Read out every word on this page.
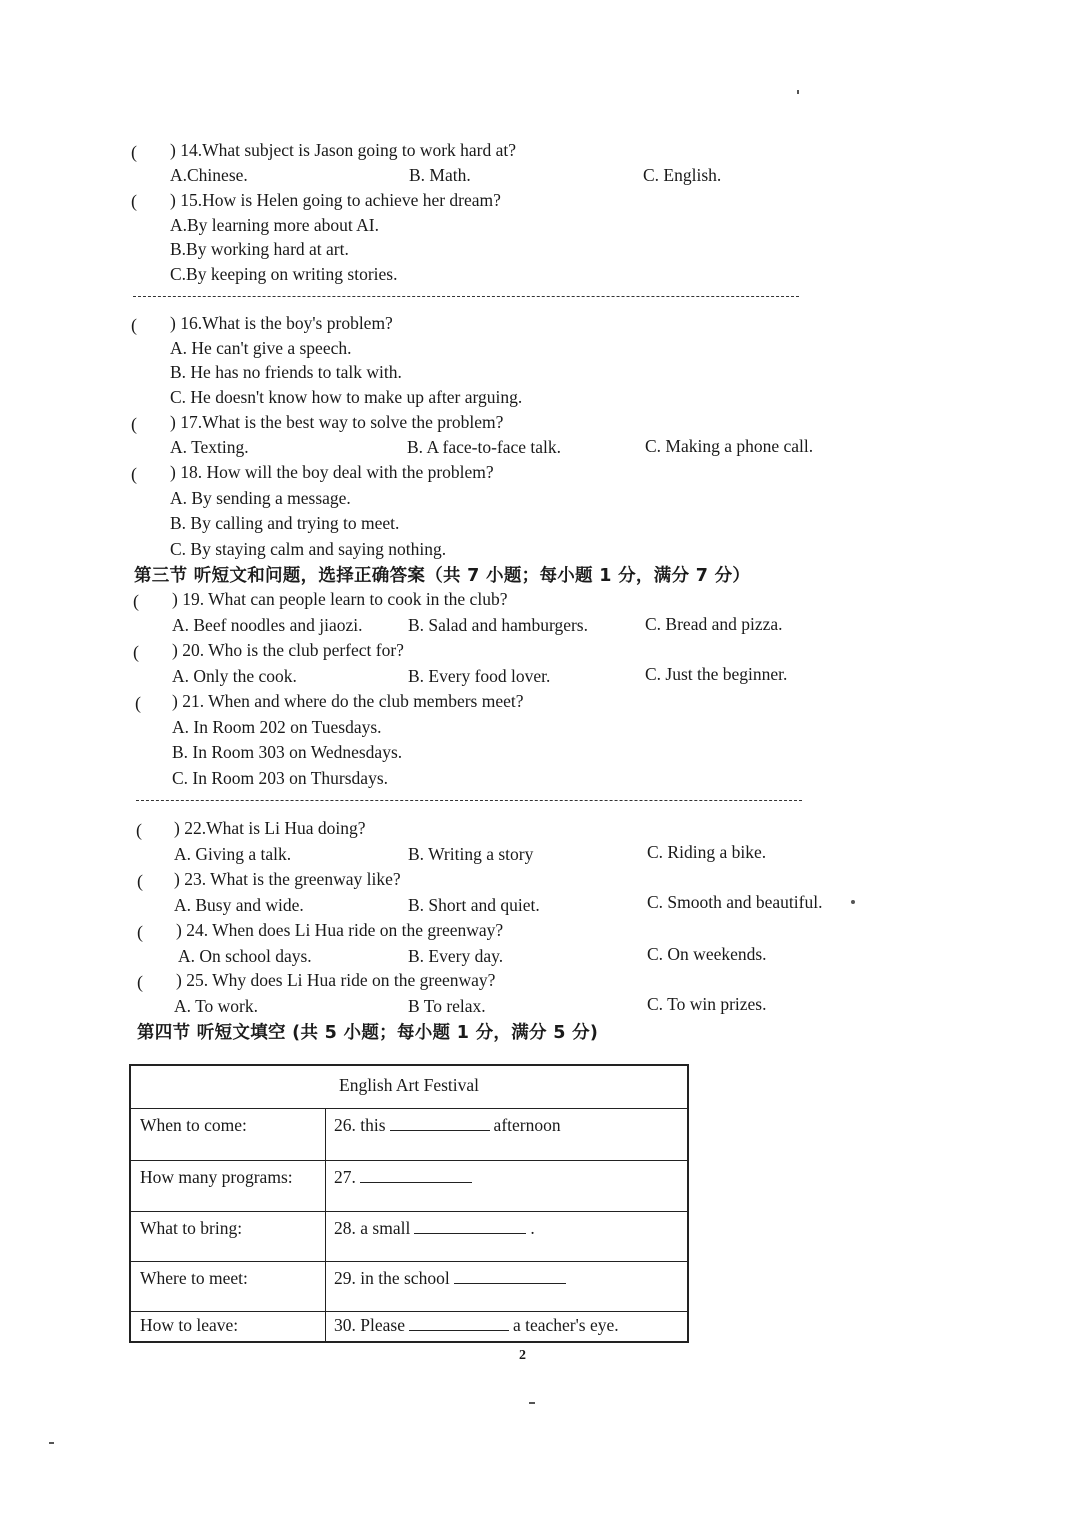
( ) 14.What subject is Jason going to work hard at?
A.Chinese.	B. Math.	C. English.
( ) 15.How is Helen going to achieve her dream?
A.By learning more about AI.
B.By working hard at art.
C.By keeping on writing stories.
( ) 16.What is the boy's problem?
A. He can't give a speech.
B. He has no friends to talk with.
C. He doesn't know how to make up after arguing.
( ) 17.What is the best way to solve the problem?
A. Texting.	B. A face-to-face talk.	C. Making a phone call.
( ) 18. How will the boy deal with the problem?
A. By sending a message.
B. By calling and trying to meet.
C. By staying calm and saying nothing.
第三节 听短文和问题，选择正确答案（共 7 小题；每小题 1 分，满分 7 分）
( ) 19. What can people learn to cook in the club?
A. Beef noodles and jiaozi.	B. Salad and hamburgers.	C. Bread and pizza.
( ) 20. Who is the club perfect for?
A. Only the cook.	B. Every food lover.	C. Just the beginner.
( ) 21. When and where do the club members meet?
A. In Room 202 on Tuesdays.
B. In Room 303 on Wednesdays.
C. In Room 203 on Thursdays.
( ) 22.What is Li Hua doing?
A. Giving a talk.	B. Writing a story	C. Riding a bike.
( ) 23. What is the greenway like?
A. Busy and wide.	B. Short and quiet.	C. Smooth and beautiful.
( ) 24. When does Li Hua ride on the greenway?
A. On school days.	B. Every day.	C. On weekends.
( ) 25. Why does Li Hua ride on the greenway?
A. To work.	B To relax.	C. To win prizes.
第四节 听短文填空 (共 5 小题；每小题 1 分，满分 5 分)
English Art Festival
When to come:	26. this	afternoon
How many programs: 27.
What to bring:	28. a small	.
Where to meet:	29. in the school
How to leave:	30. Please	a teacher's eye.
2
